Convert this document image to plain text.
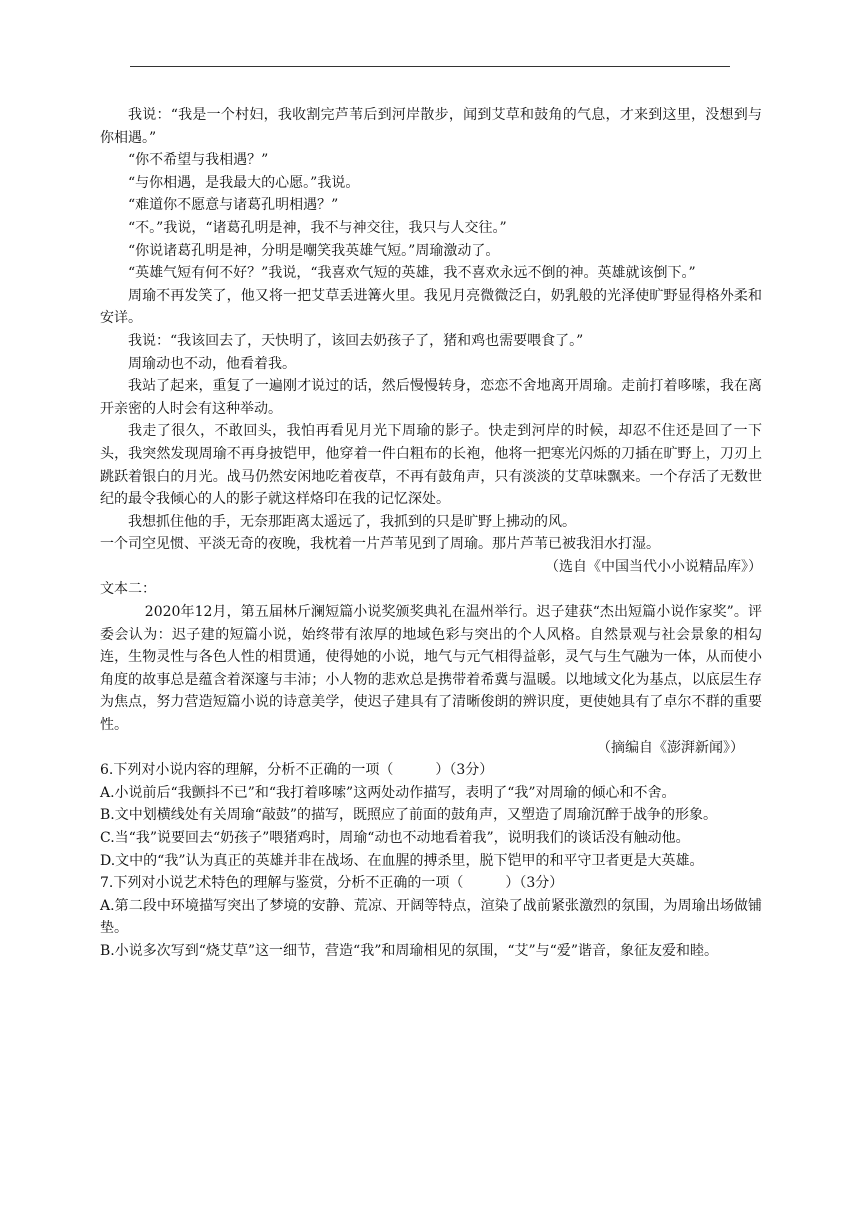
我说：“我是一个村妇，我收割完芦苇后到河岸散步，闻到艾草和鼓角的气息，才来到这里，没想到与你相遇。”

“你不希望与我相遇？”

“与你相遇，是我最大的心愿。”我说。

“难道你不愿意与诸葛孔明相遇？”

“不。”我说，“诸葛孔明是神，我不与神交往，我只与人交往。”

“你说诸葛孔明是神，分明是嘲笑我英雄气短。”周瑜激动了。

“英雄气短有何不好？”我说，“我喜欢气短的英雄，我不喜欢永远不倒的神。英雄就该倒下。”

周瑜不再发笑了，他又将一把艾草丢进篝火里。我见月亮微微泛白，奶乳般的光泽使旷野显得格外柔和安详。

我说：“我该回去了，天快明了，该回去奶孩子了，猪和鸡也需要喂食了。”

周瑜动也不动，他看着我。

我站了起来，重复了一遍刚才说过的话，然后慢慢转身，恋恋不舍地离开周瑜。走前打着哆嗦，我在离开亲密的人时会有这种举动。

我走了很久，不敢回头，我怕再看见月光下周瑜的影子。快走到河岸的时候，却忍不住还是回了一下头，我突然发现周瑜不再身披铠甲，他穿着一件白粗布的长袍，他将一把寒光闪烁的刀插在旷野上，刀刃上跳跃着银白的月光。战马仍然安闲地吃着夜草，不再有鼓角声，只有淡淡的艾草味飘来。一个存活了无数世纪的最令我倾心的人的影子就这样烙印在我的记忆深处。

我想抓住他的手，无奈那距离太遥远了，我抓到的只是旷野上拂动的风。

一个司空见惯、平淡无奇的夜晚，我枕着一片芦苇见到了周瑜。那片芦苇已被我泪水打湿。

（选自《中国当代小小说精品库》）

文本二：

2020年12月，第五届林斤澜短篇小说奖颁奖典礼在温州举行。迟子建获“杰出短篇小说作家奖”。评委会认为：迟子建的短篇小说，始终带有浓厚的地域色彩与突出的个人风格。自然景观与社会景象的相勾连，生物灵性与各色人性的相贯通，使得她的小说，地气与元气相得益彰，灵气与生气融为一体，从而使小角度的故事总是蕴含着深邃与丰沛；小人物的悲欢总是携带着希冀与温暖。以地域文化为基点，以底层生存为焦点，努力营造短篇小说的诗意美学，使迟子建具有了清晰俊朗的辨识度，更使她具有了卓尔不群的重要性。

（摘编自《澎湃新闻》）

6.下列对小说内容的理解，分析不正确的一项（　　　）（3分）

A.小说前后“我颤抖不已”和“我打着哆嗦”这两处动作描写，表明了“我”对周瑜的倾心和不舍。

B.文中划横线处有关周瑜“敲鼓”的描写，既照应了前面的鼓角声，又塑造了周瑜沉醉于战争的形象。

C.当“我”说要回去“奶孩子”喂猪鸡时，周瑜“动也不动地看着我”，说明我们的谈话没有触动他。

D.文中的“我”认为真正的英雄并非在战场、在血腥的搏杀里，脱下铠甲的和平守卫者更是大英雄。

7.下列对小说艺术特色的理解与鉴赏，分析不正确的一项（　　　）（3分）

A.第二段中环境描写突出了梦境的安静、荒凉、开阔等特点，渲染了战前紧张激烈的氛围，为周瑜出场做铺垫。

B.小说多次写到“烧艾草”这一细节，营造“我”和周瑜相见的氛围，“艾”与“爱”谐音，象征友爱和睦。
